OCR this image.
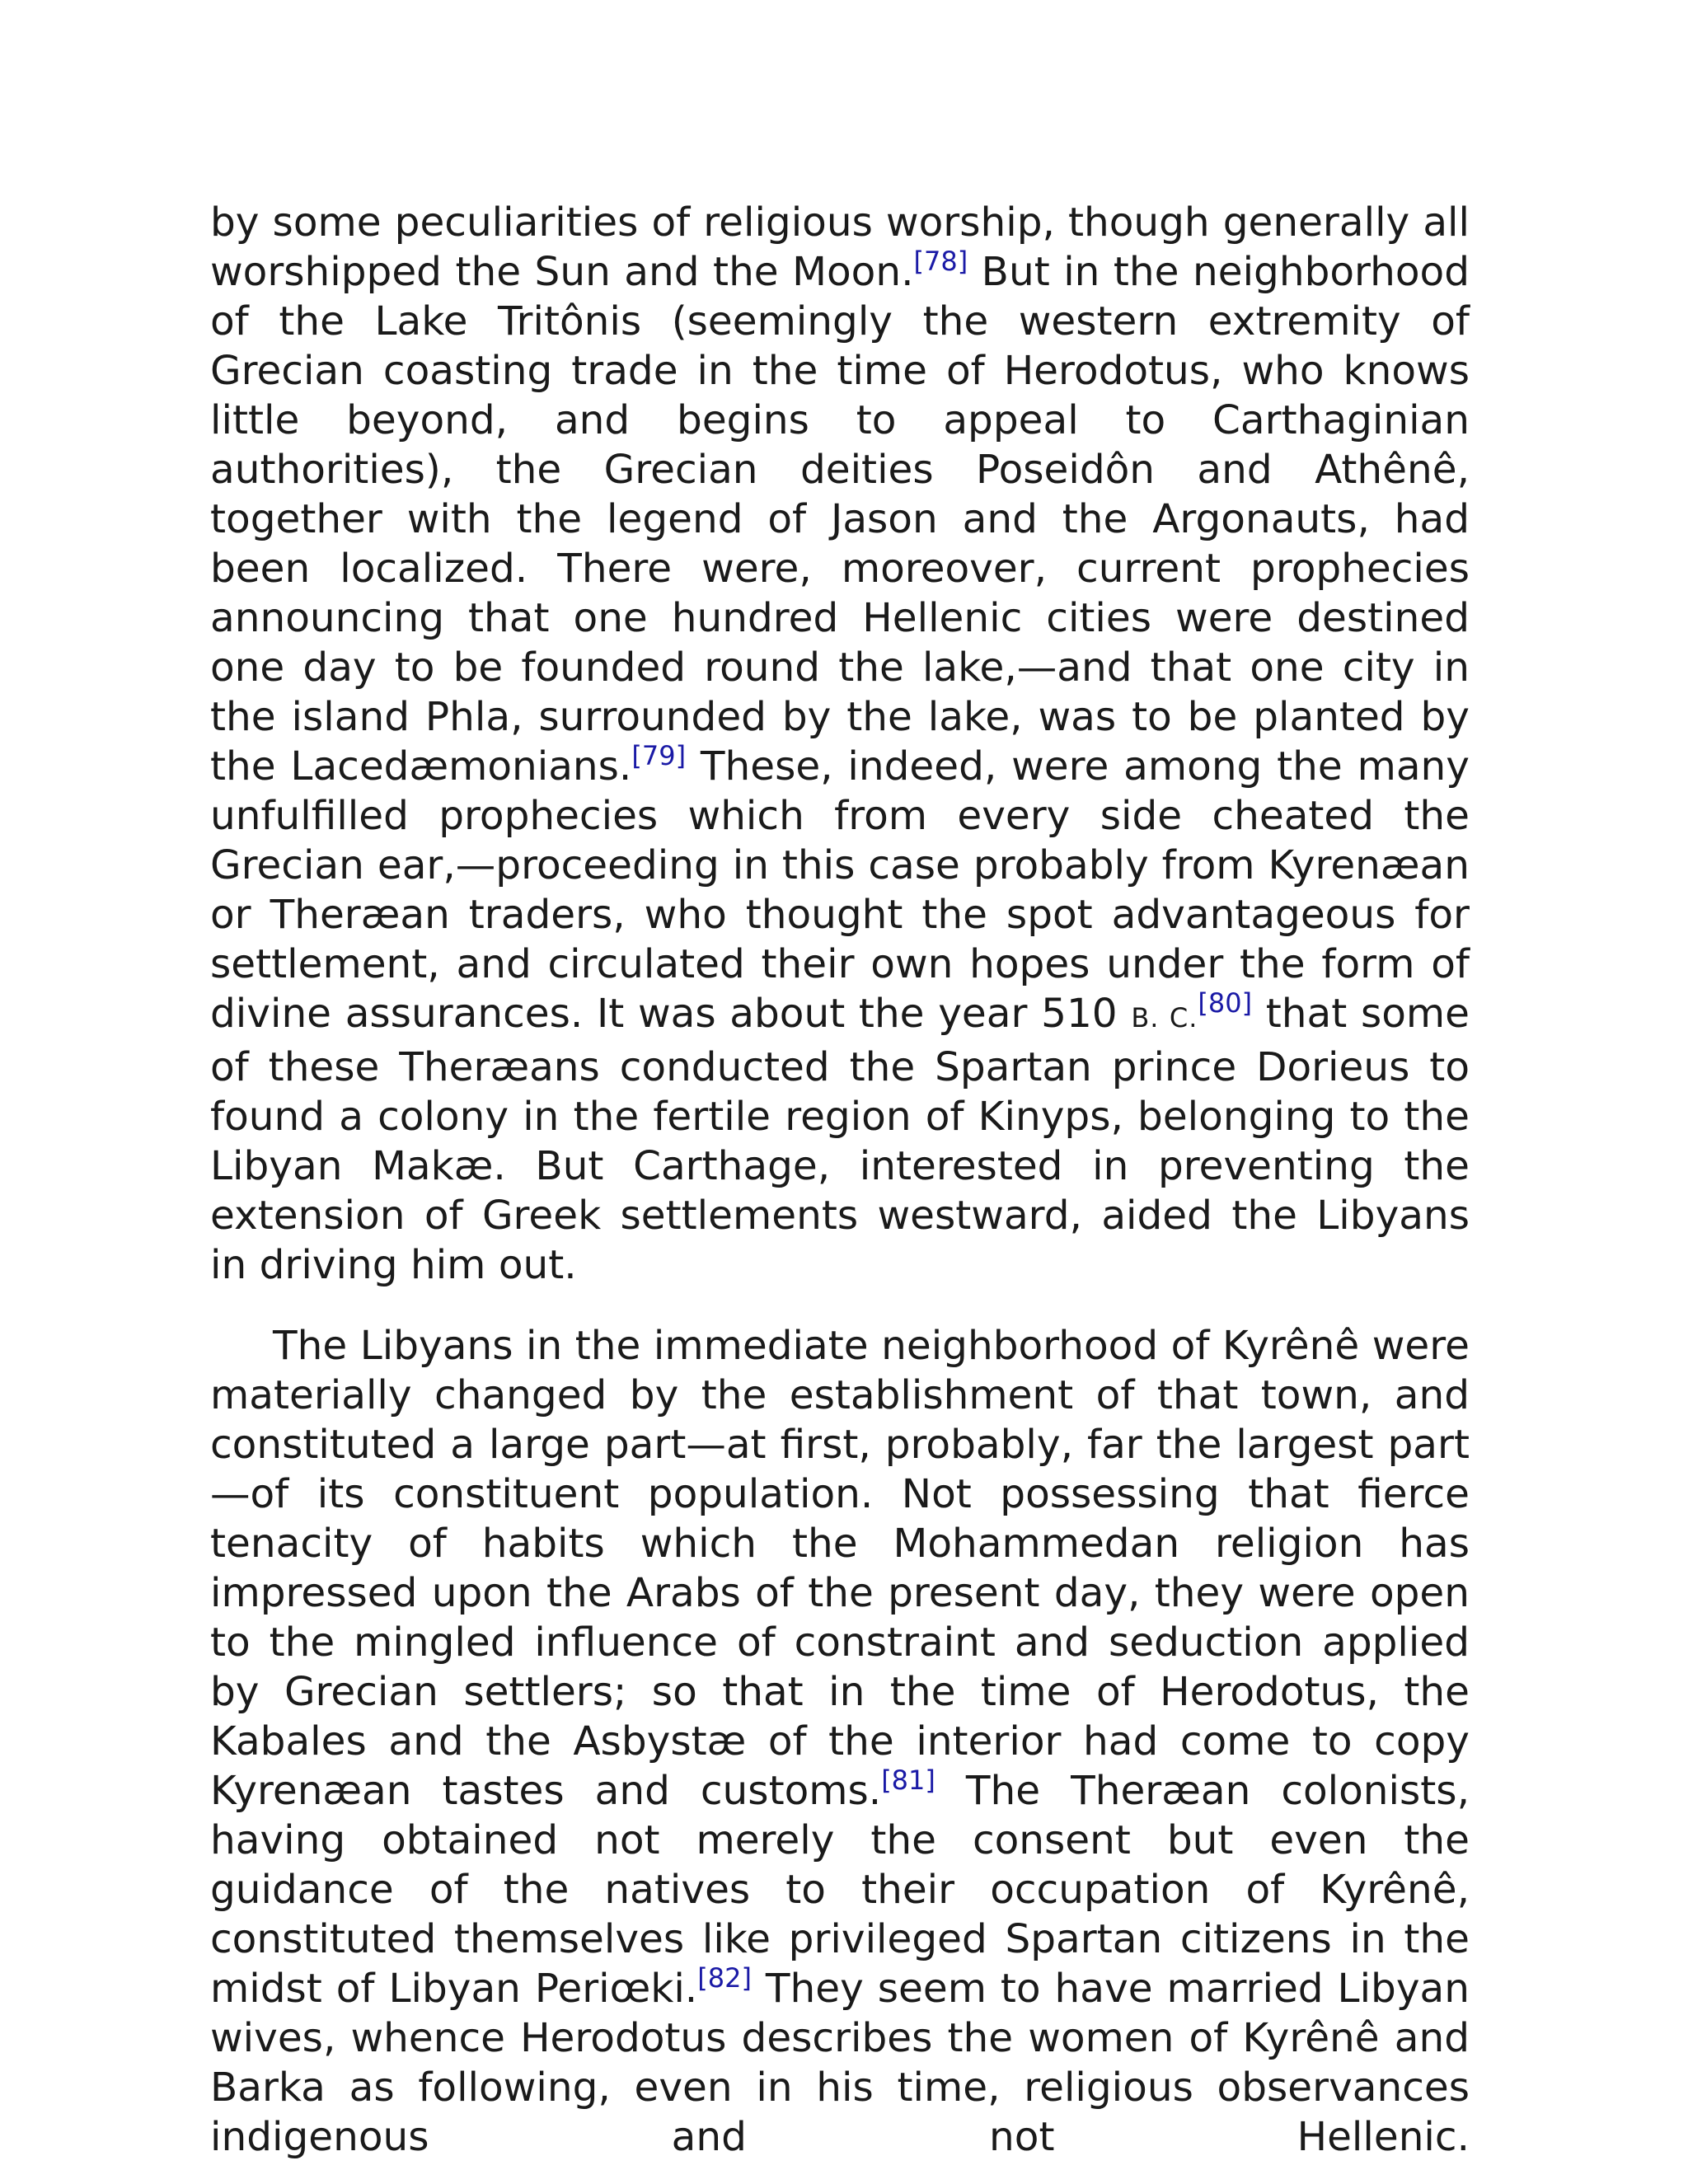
by some peculiarities of religious worship, though generally all worshipped the Sun and the Moon.[78] But in the neighborhood of the Lake Tritônis (seemingly the western extremity of Grecian coasting trade in the time of Herodotus, who knows little beyond, and begins to appeal to Carthaginian authorities), the Grecian deities Poseidôn and Athênê, together with the legend of Jason and the Argonauts, had been localized. There were, moreover, current prophecies announcing that one hundred Hellenic cities were destined one day to be founded round the lake,—and that one city in the island Phla, surrounded by the lake, was to be planted by the Lacedæmonians.[79] These, indeed, were among the many unfulfilled prophecies which from every side cheated the Grecian ear,—proceeding in this case probably from Kyrenæan or Theræan traders, who thought the spot advantageous for settlement, and circulated their own hopes under the form of divine assurances. It was about the year 510 B. C.[80] that some of these Theræans conducted the Spartan prince Dorieus to found a colony in the fertile region of Kinyps, belonging to the Libyan Makæ. But Carthage, interested in preventing the extension of Greek settlements westward, aided the Libyans in driving him out.

The Libyans in the immediate neighborhood of Kyrênê were materially changed by the establishment of that town, and constituted a large part—at first, probably, far the largest part—of its constituent population. Not possessing that fierce tenacity of habits which the Mohammedan religion has impressed upon the Arabs of the present day, they were open to the mingled influence of constraint and seduction applied by Grecian settlers; so that in the time of Herodotus, the Kabales and the Asbystæ of the interior had come to copy Kyrenæan tastes and customs.[81] The Theræan colonists, having obtained not merely the consent but even the guidance of the natives to their occupation of Kyrênê, constituted themselves like privileged Spartan citizens in the midst of Libyan Periœki.[82] They seem to have married Libyan wives, whence Herodotus describes the women of Kyrênê and Barka as following, even in his time, religious observances indigenous and not Hellenic.
